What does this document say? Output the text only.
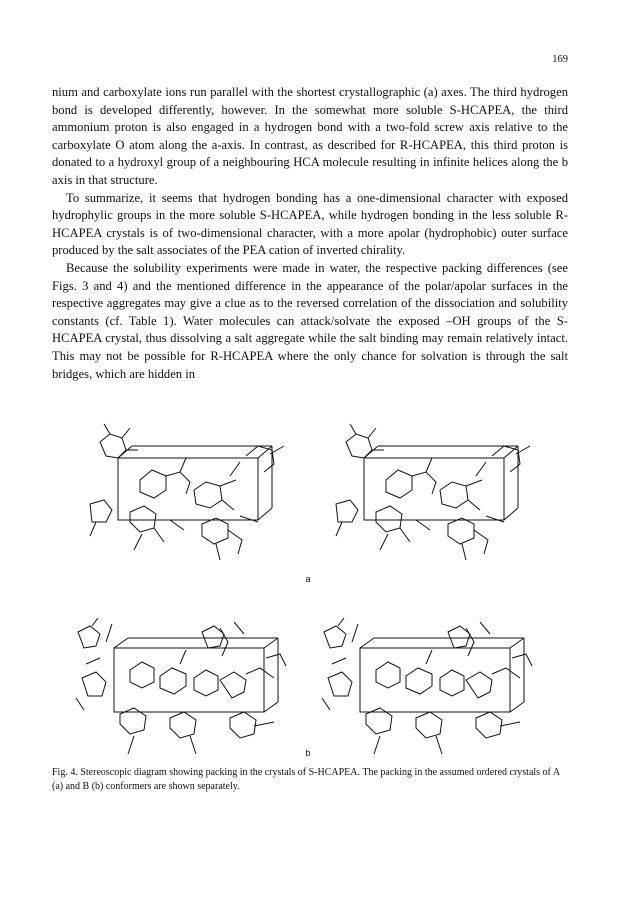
169

nium and carboxylate ions run parallel with the shortest crystallographic (a) axes. The third hydrogen bond is developed differently, however. In the somewhat more soluble S-HCAPEA, the third ammonium proton is also engaged in a hydrogen bond with a two-fold screw axis relative to the carboxylate O atom along the a-axis. In contrast, as described for R-HCAPEA, this third proton is donated to a hydroxyl group of a neighbouring HCA molecule resulting in infinite helices along the b axis in that structure.

To summarize, it seems that hydrogen bonding has a one-dimensional character with exposed hydrophylic groups in the more soluble S-HCAPEA, while hydrogen bonding in the less soluble R-HCAPEA crystals is of two-dimensional character, with a more apolar (hydrophobic) outer surface produced by the salt associates of the PEA cation of inverted chirality.

Because the solubility experiments were made in water, the respective packing differences (see Figs. 3 and 4) and the mentioned difference in the appearance of the polar/apolar surfaces in the respective aggregates may give a clue as to the reversed correlation of the dissociation and solubility constants (cf. Table 1). Water molecules can attack/solvate the exposed –OH groups of the S-HCAPEA crystal, thus dissolving a salt aggregate while the salt binding may remain relatively intact. This may not be possible for R-HCAPEA where the only chance for solvation is through the salt bridges, which are hidden in

a
b
Fig. 4. Stereoscopic diagram showing packing in the crystals of S-HCAPEA. The packing in the assumed ordered crystals of A (a) and B (b) conformers are shown separately.
